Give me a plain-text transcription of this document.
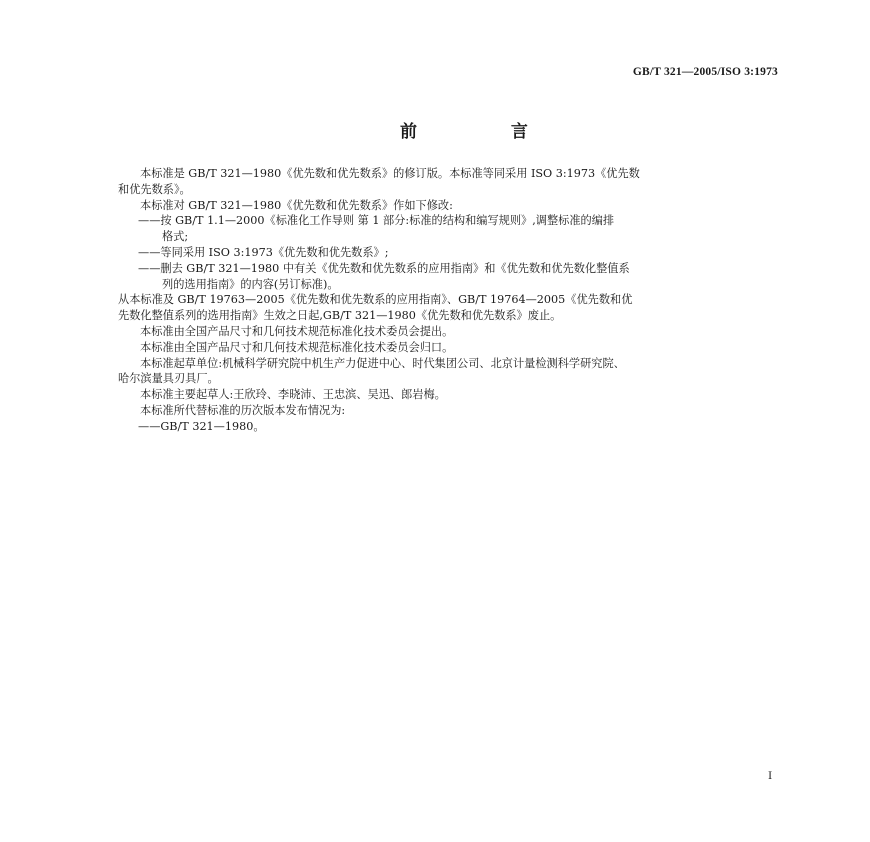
GB/T 321—2005/ISO 3:1973
前 言
本标准是 GB/T 321—1980《优先数和优先数系》的修订版。本标准等同采用 ISO 3:1973《优先数
和优先数系》。
本标准对 GB/T 321—1980《优先数和优先数系》作如下修改:
——按 GB/T 1.1—2000《标准化工作导则 第 1 部分:标准的结构和编写规则》,调整标准的编排
格式;
——等同采用 ISO 3:1973《优先数和优先数系》;
——删去 GB/T 321—1980 中有关《优先数和优先数系的应用指南》和《优先数和优先数化整值系
列的选用指南》的内容(另订标准)。
从本标准及 GB/T 19763—2005《优先数和优先数系的应用指南》、GB/T 19764—2005《优先数和优
先数化整值系列的选用指南》生效之日起,GB/T 321—1980《优先数和优先数系》废止。
本标准由全国产品尺寸和几何技术规范标准化技术委员会提出。
本标准由全国产品尺寸和几何技术规范标准化技术委员会归口。
本标准起草单位:机械科学研究院中机生产力促进中心、时代集团公司、北京计量检测科学研究院、
哈尔滨量具刃具厂。
本标准主要起草人:王欣玲、李晓沛、王忠滨、吴迅、郎岩梅。
本标准所代替标准的历次版本发布情况为:
——GB/T 321—1980。
I
